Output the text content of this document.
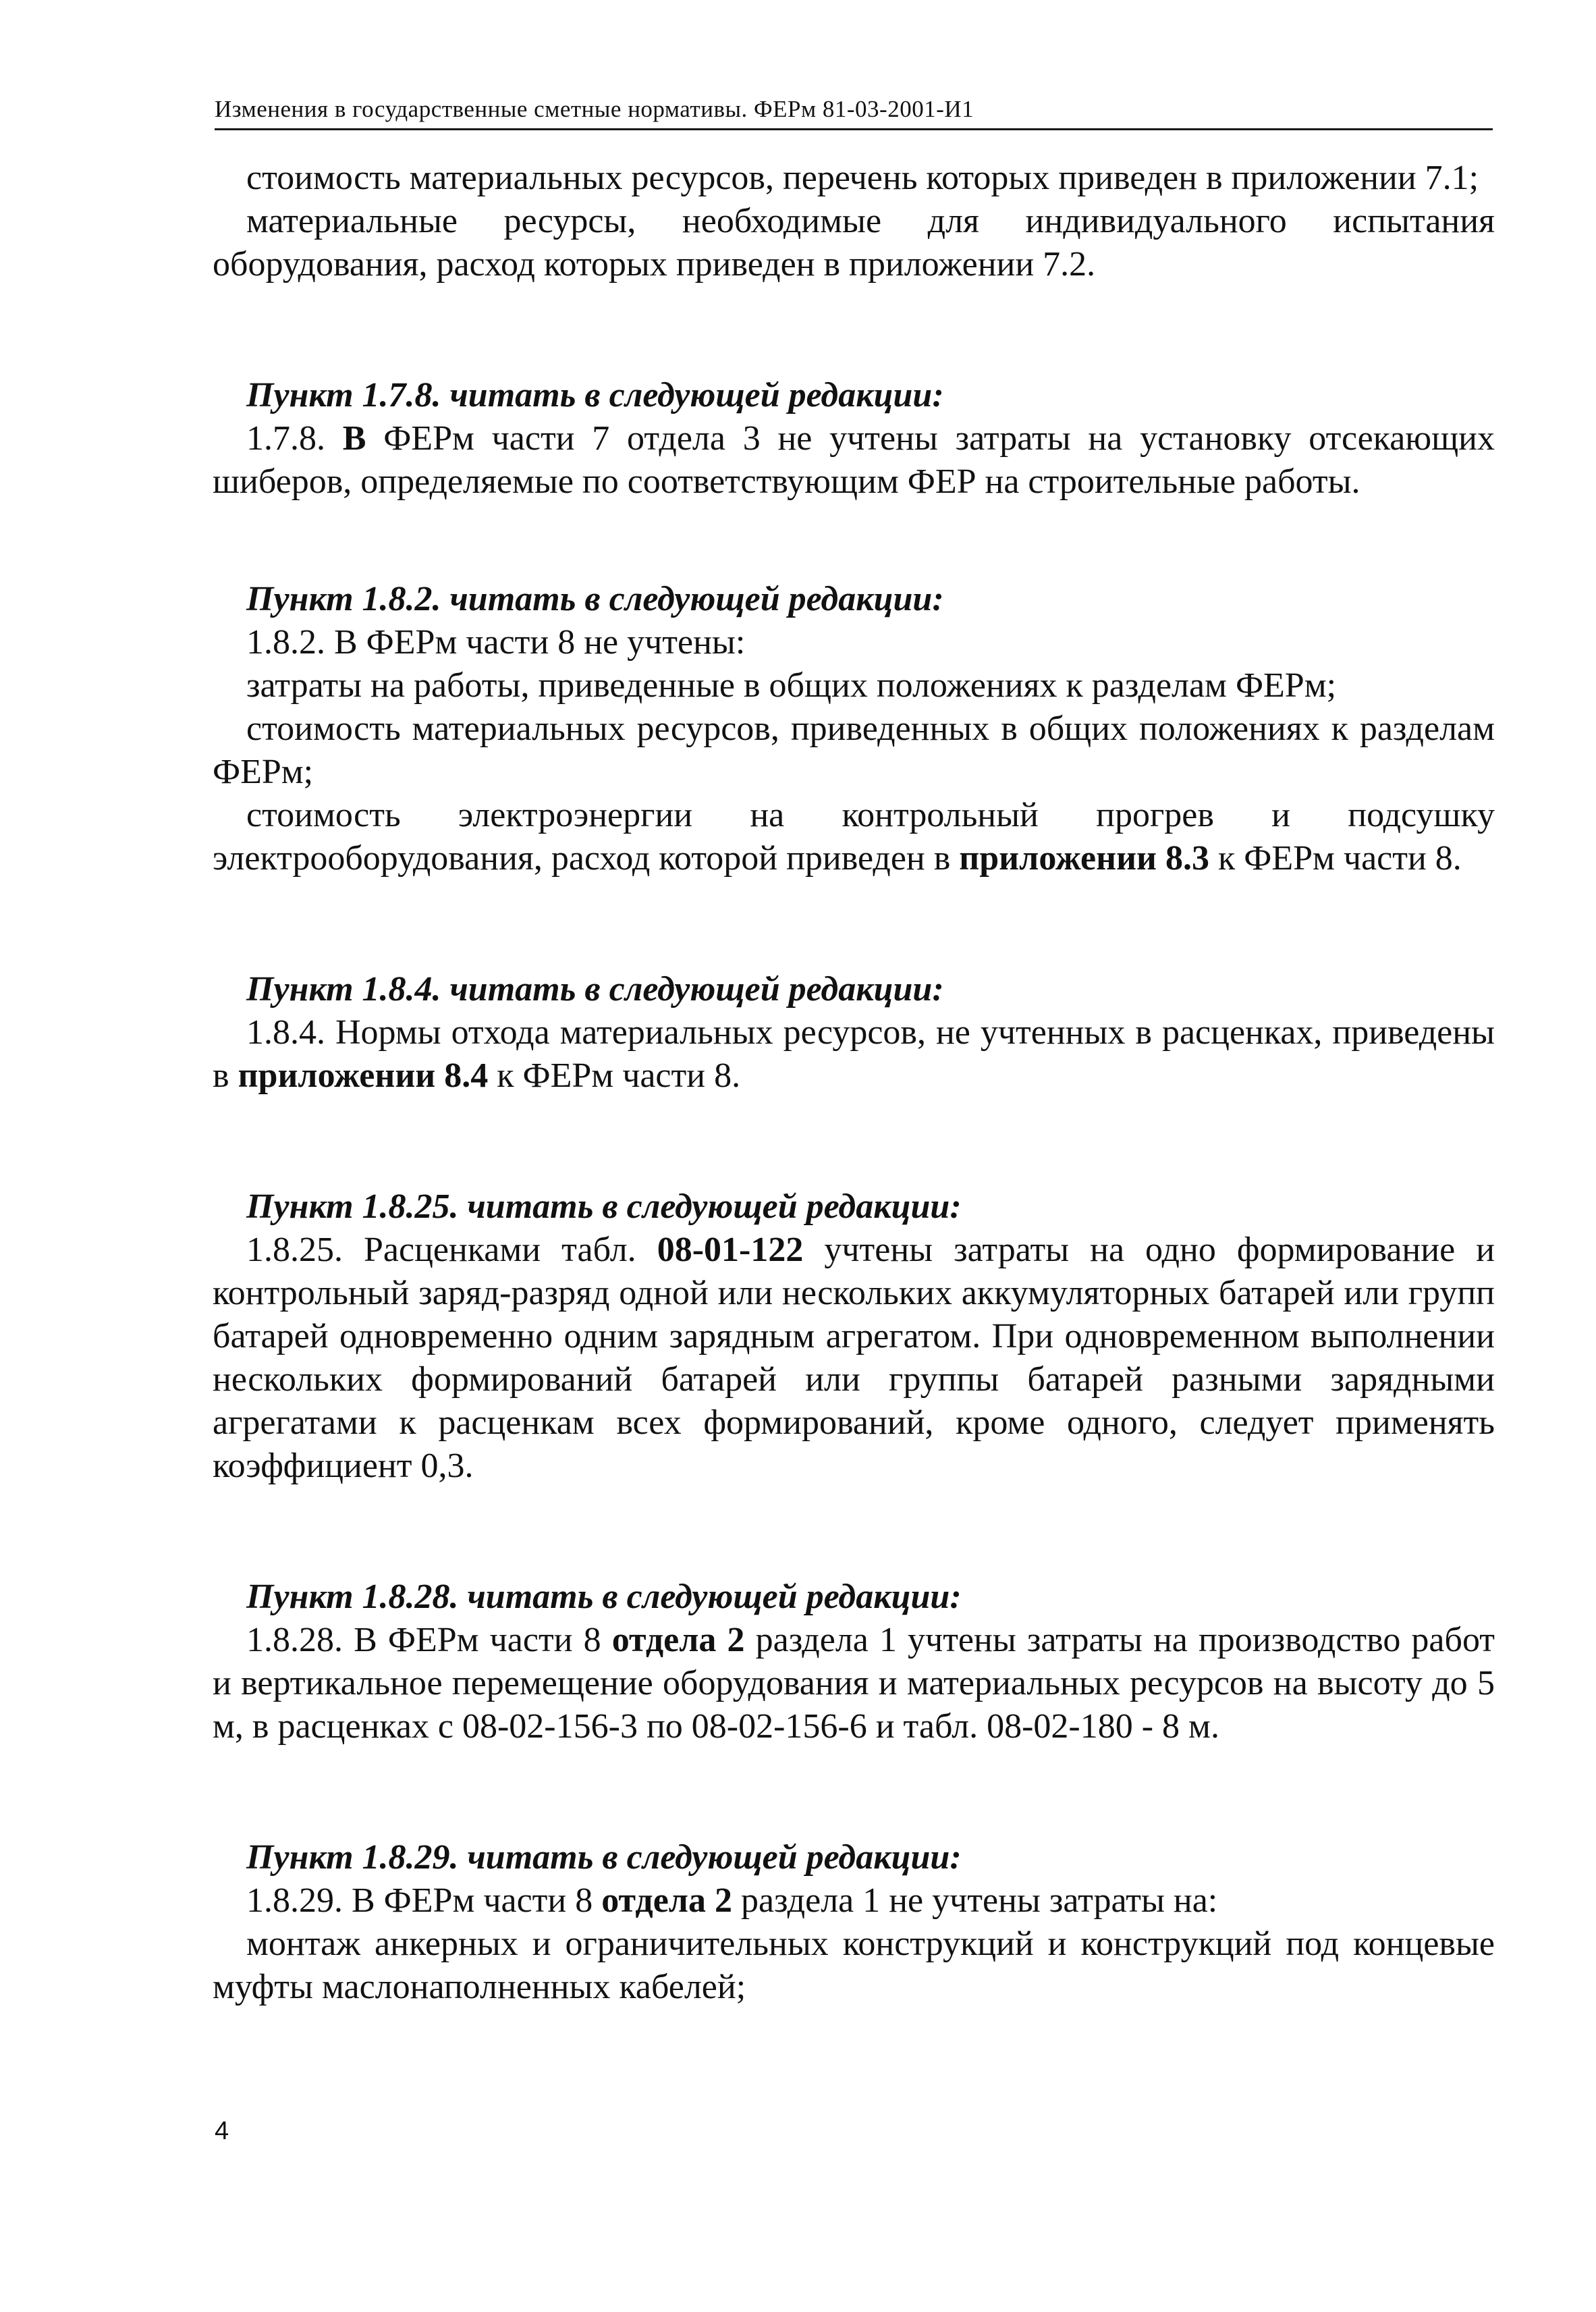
Изменения в государственные сметные нормативы. ФЕРм 81-03-2001-И1

стоимость материальных ресурсов, перечень которых приведен в приложении 7.1;

материальные ресурсы, необходимые для индивидуального испытания оборудования, расход которых приведен в приложении 7.2.

Пункт 1.7.8. читать в следующей редакции:

1.7.8. В ФЕРм части 7 отдела 3 не учтены затраты на установку отсекающих шиберов, определяемые по соответствующим ФЕР на строительные работы.

Пункт 1.8.2. читать в следующей редакции:

1.8.2. В ФЕРм части 8 не учтены:

затраты на работы, приведенные в общих положениях к разделам ФЕРм;

стоимость материальных ресурсов, приведенных в общих положениях к разделам ФЕРм;

стоимость электроэнергии на контрольный прогрев и подсушку электрооборудования, расход которой приведен в приложении 8.3 к ФЕРм части 8.

Пункт 1.8.4. читать в следующей редакции:

1.8.4. Нормы отхода материальных ресурсов, не учтенных в расценках, приведены в приложении 8.4 к ФЕРм части 8.

Пункт 1.8.25. читать в следующей редакции:

1.8.25. Расценками табл. 08-01-122 учтены затраты на одно формирование и контрольный заряд-разряд одной или нескольких аккумуляторных батарей или групп батарей одновременно одним зарядным агрегатом. При одновременном выполнении нескольких формирований батарей или группы батарей разными зарядными агрегатами к расценкам всех формирований, кроме одного, следует применять коэффициент 0,3.

Пункт 1.8.28. читать в следующей редакции:

1.8.28. В ФЕРм части 8 отдела 2 раздела 1 учтены затраты на производство работ и вертикальное перемещение оборудования и материальных ресурсов на высоту до 5 м, в расценках с 08-02-156-3 по 08-02-156-6 и табл. 08-02-180 - 8 м.

Пункт 1.8.29. читать в следующей редакции:

1.8.29. В ФЕРм части 8 отдела 2 раздела 1 не учтены затраты на:

монтаж анкерных и ограничительных конструкций и конструкций под концевые муфты маслонаполненных кабелей;

4
